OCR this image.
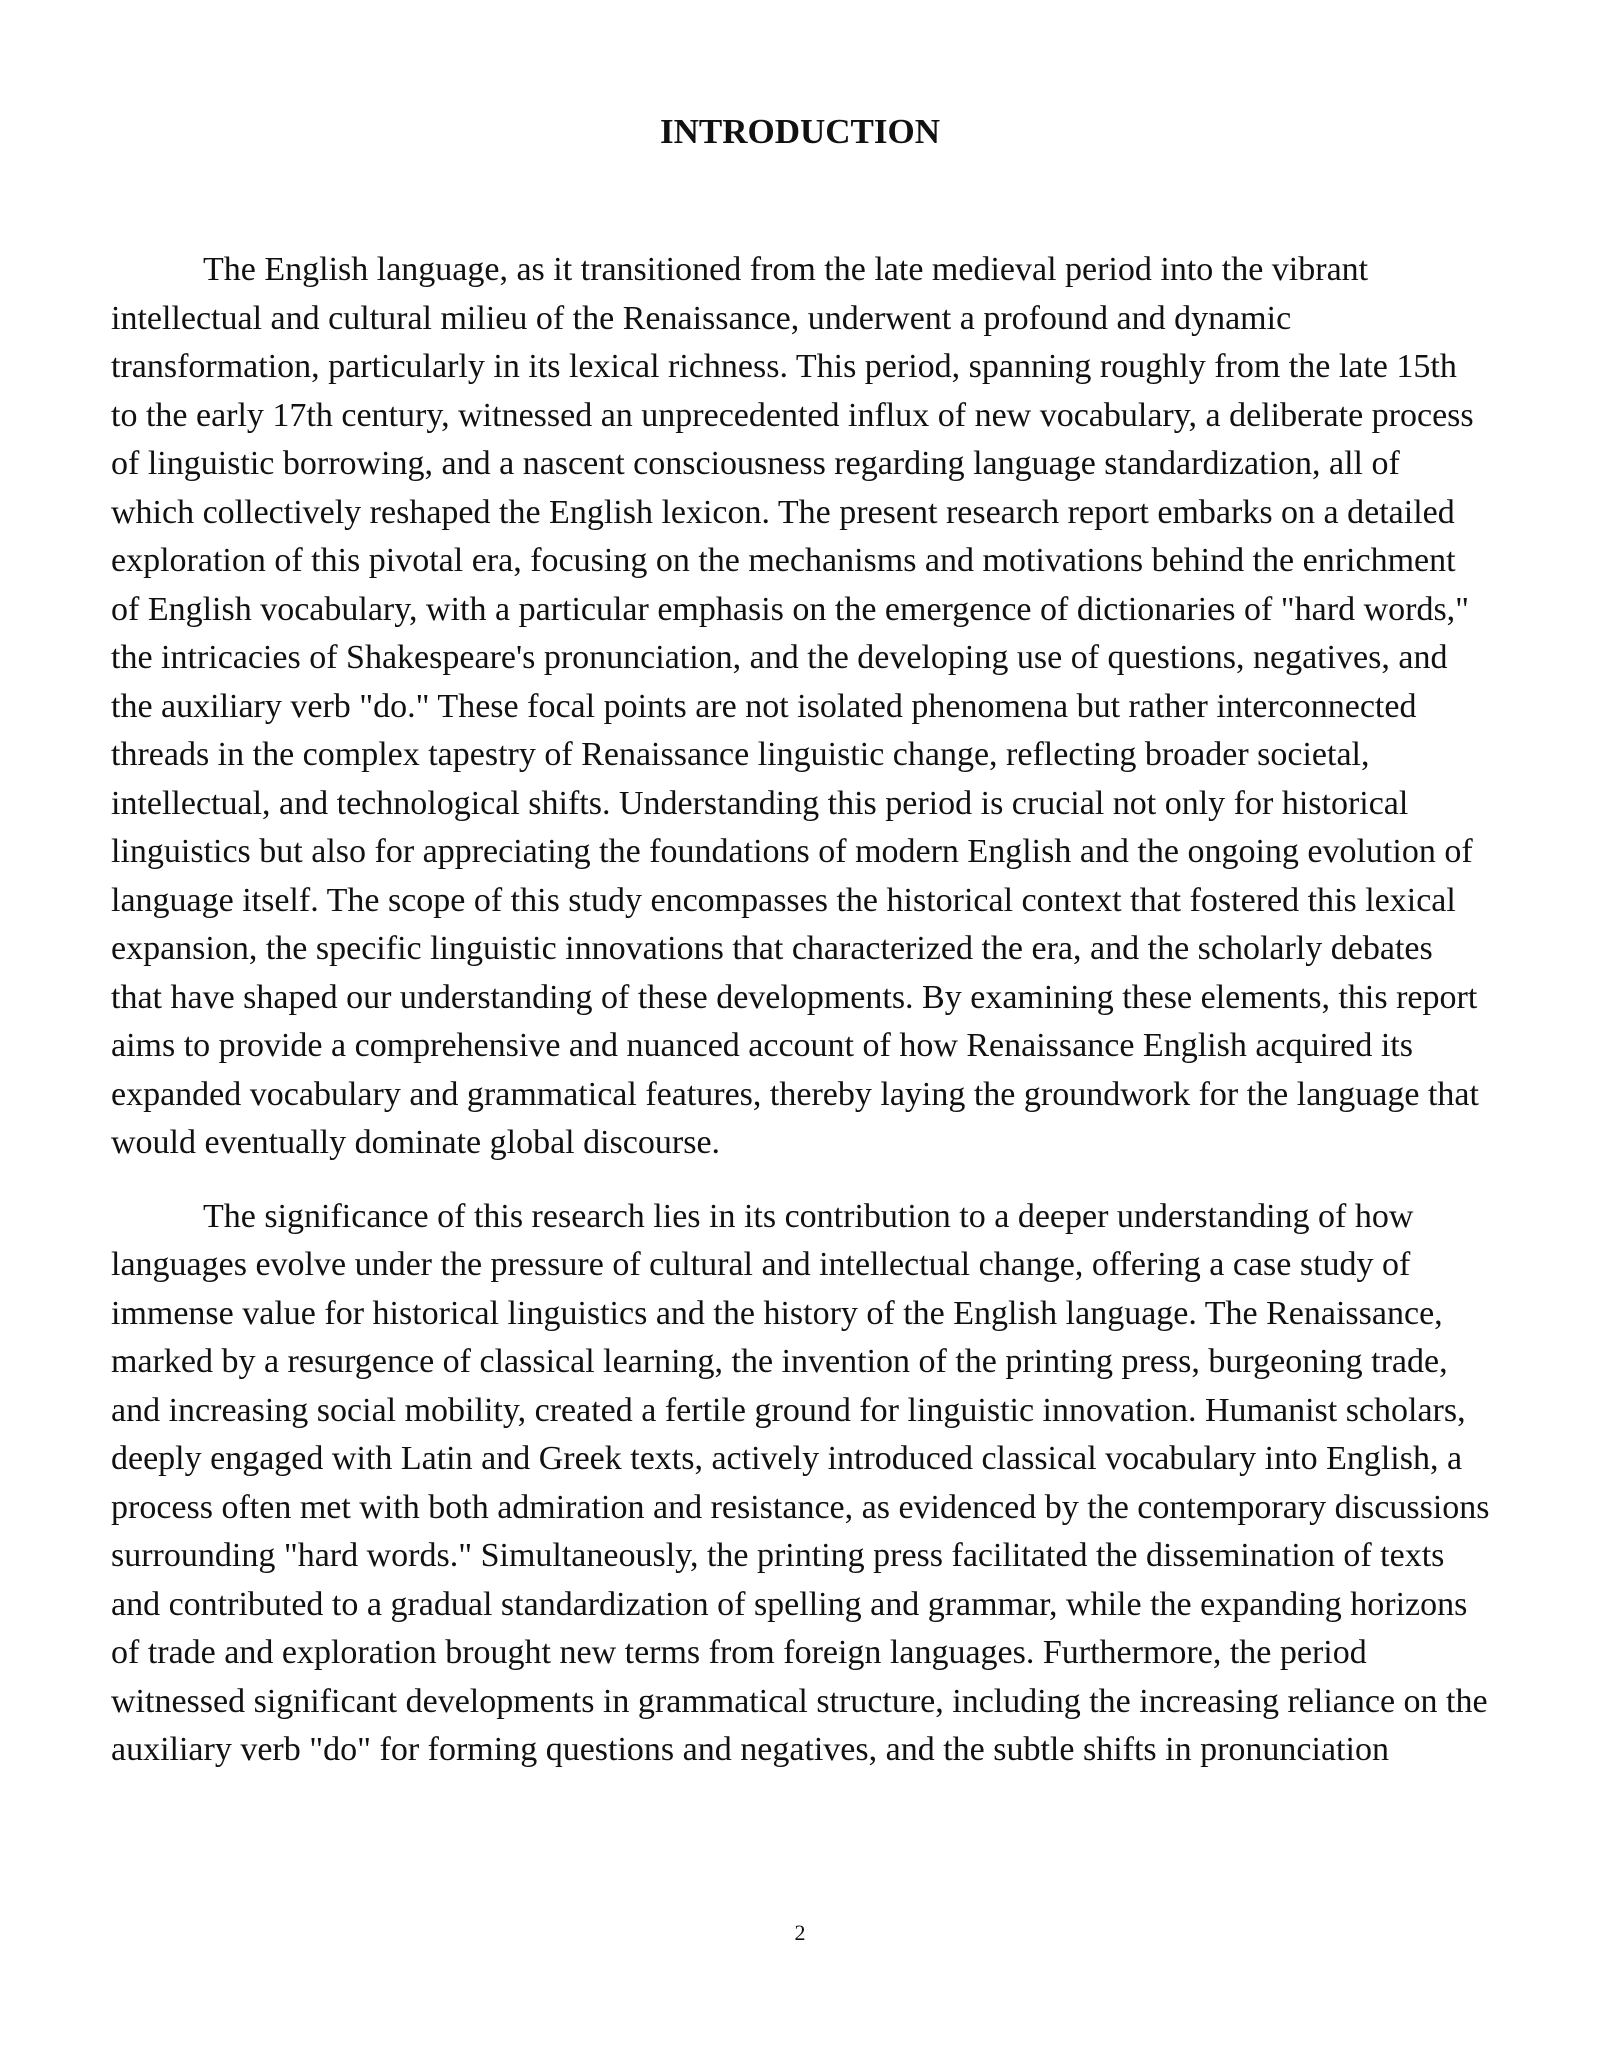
INTRODUCTION

The English language, as it transitioned from the late medieval period into the vibrant intellectual and cultural milieu of the Renaissance, underwent a profound and dynamic transformation, particularly in its lexical richness. This period, spanning roughly from the late 15th to the early 17th century, witnessed an unprecedented influx of new vocabulary, a deliberate process of linguistic borrowing, and a nascent consciousness regarding language standardization, all of which collectively reshaped the English lexicon. The present research report embarks on a detailed exploration of this pivotal era, focusing on the mechanisms and motivations behind the enrichment of English vocabulary, with a particular emphasis on the emergence of dictionaries of "hard words," the intricacies of Shakespeare's pronunciation, and the developing use of questions, negatives, and the auxiliary verb "do." These focal points are not isolated phenomena but rather interconnected threads in the complex tapestry of Renaissance linguistic change, reflecting broader societal, intellectual, and technological shifts. Understanding this period is crucial not only for historical linguistics but also for appreciating the foundations of modern English and the ongoing evolution of language itself. The scope of this study encompasses the historical context that fostered this lexical expansion, the specific linguistic innovations that characterized the era, and the scholarly debates that have shaped our understanding of these developments. By examining these elements, this report aims to provide a comprehensive and nuanced account of how Renaissance English acquired its expanded vocabulary and grammatical features, thereby laying the groundwork for the language that would eventually dominate global discourse.

The significance of this research lies in its contribution to a deeper understanding of how languages evolve under the pressure of cultural and intellectual change, offering a case study of immense value for historical linguistics and the history of the English language. The Renaissance, marked by a resurgence of classical learning, the invention of the printing press, burgeoning trade, and increasing social mobility, created a fertile ground for linguistic innovation. Humanist scholars, deeply engaged with Latin and Greek texts, actively introduced classical vocabulary into English, a process often met with both admiration and resistance, as evidenced by the contemporary discussions surrounding "hard words." Simultaneously, the printing press facilitated the dissemination of texts and contributed to a gradual standardization of spelling and grammar, while the expanding horizons of trade and exploration brought new terms from foreign languages. Furthermore, the period witnessed significant developments in grammatical structure, including the increasing reliance on the auxiliary verb "do" for forming questions and negatives, and the subtle shifts in pronunciation

2
